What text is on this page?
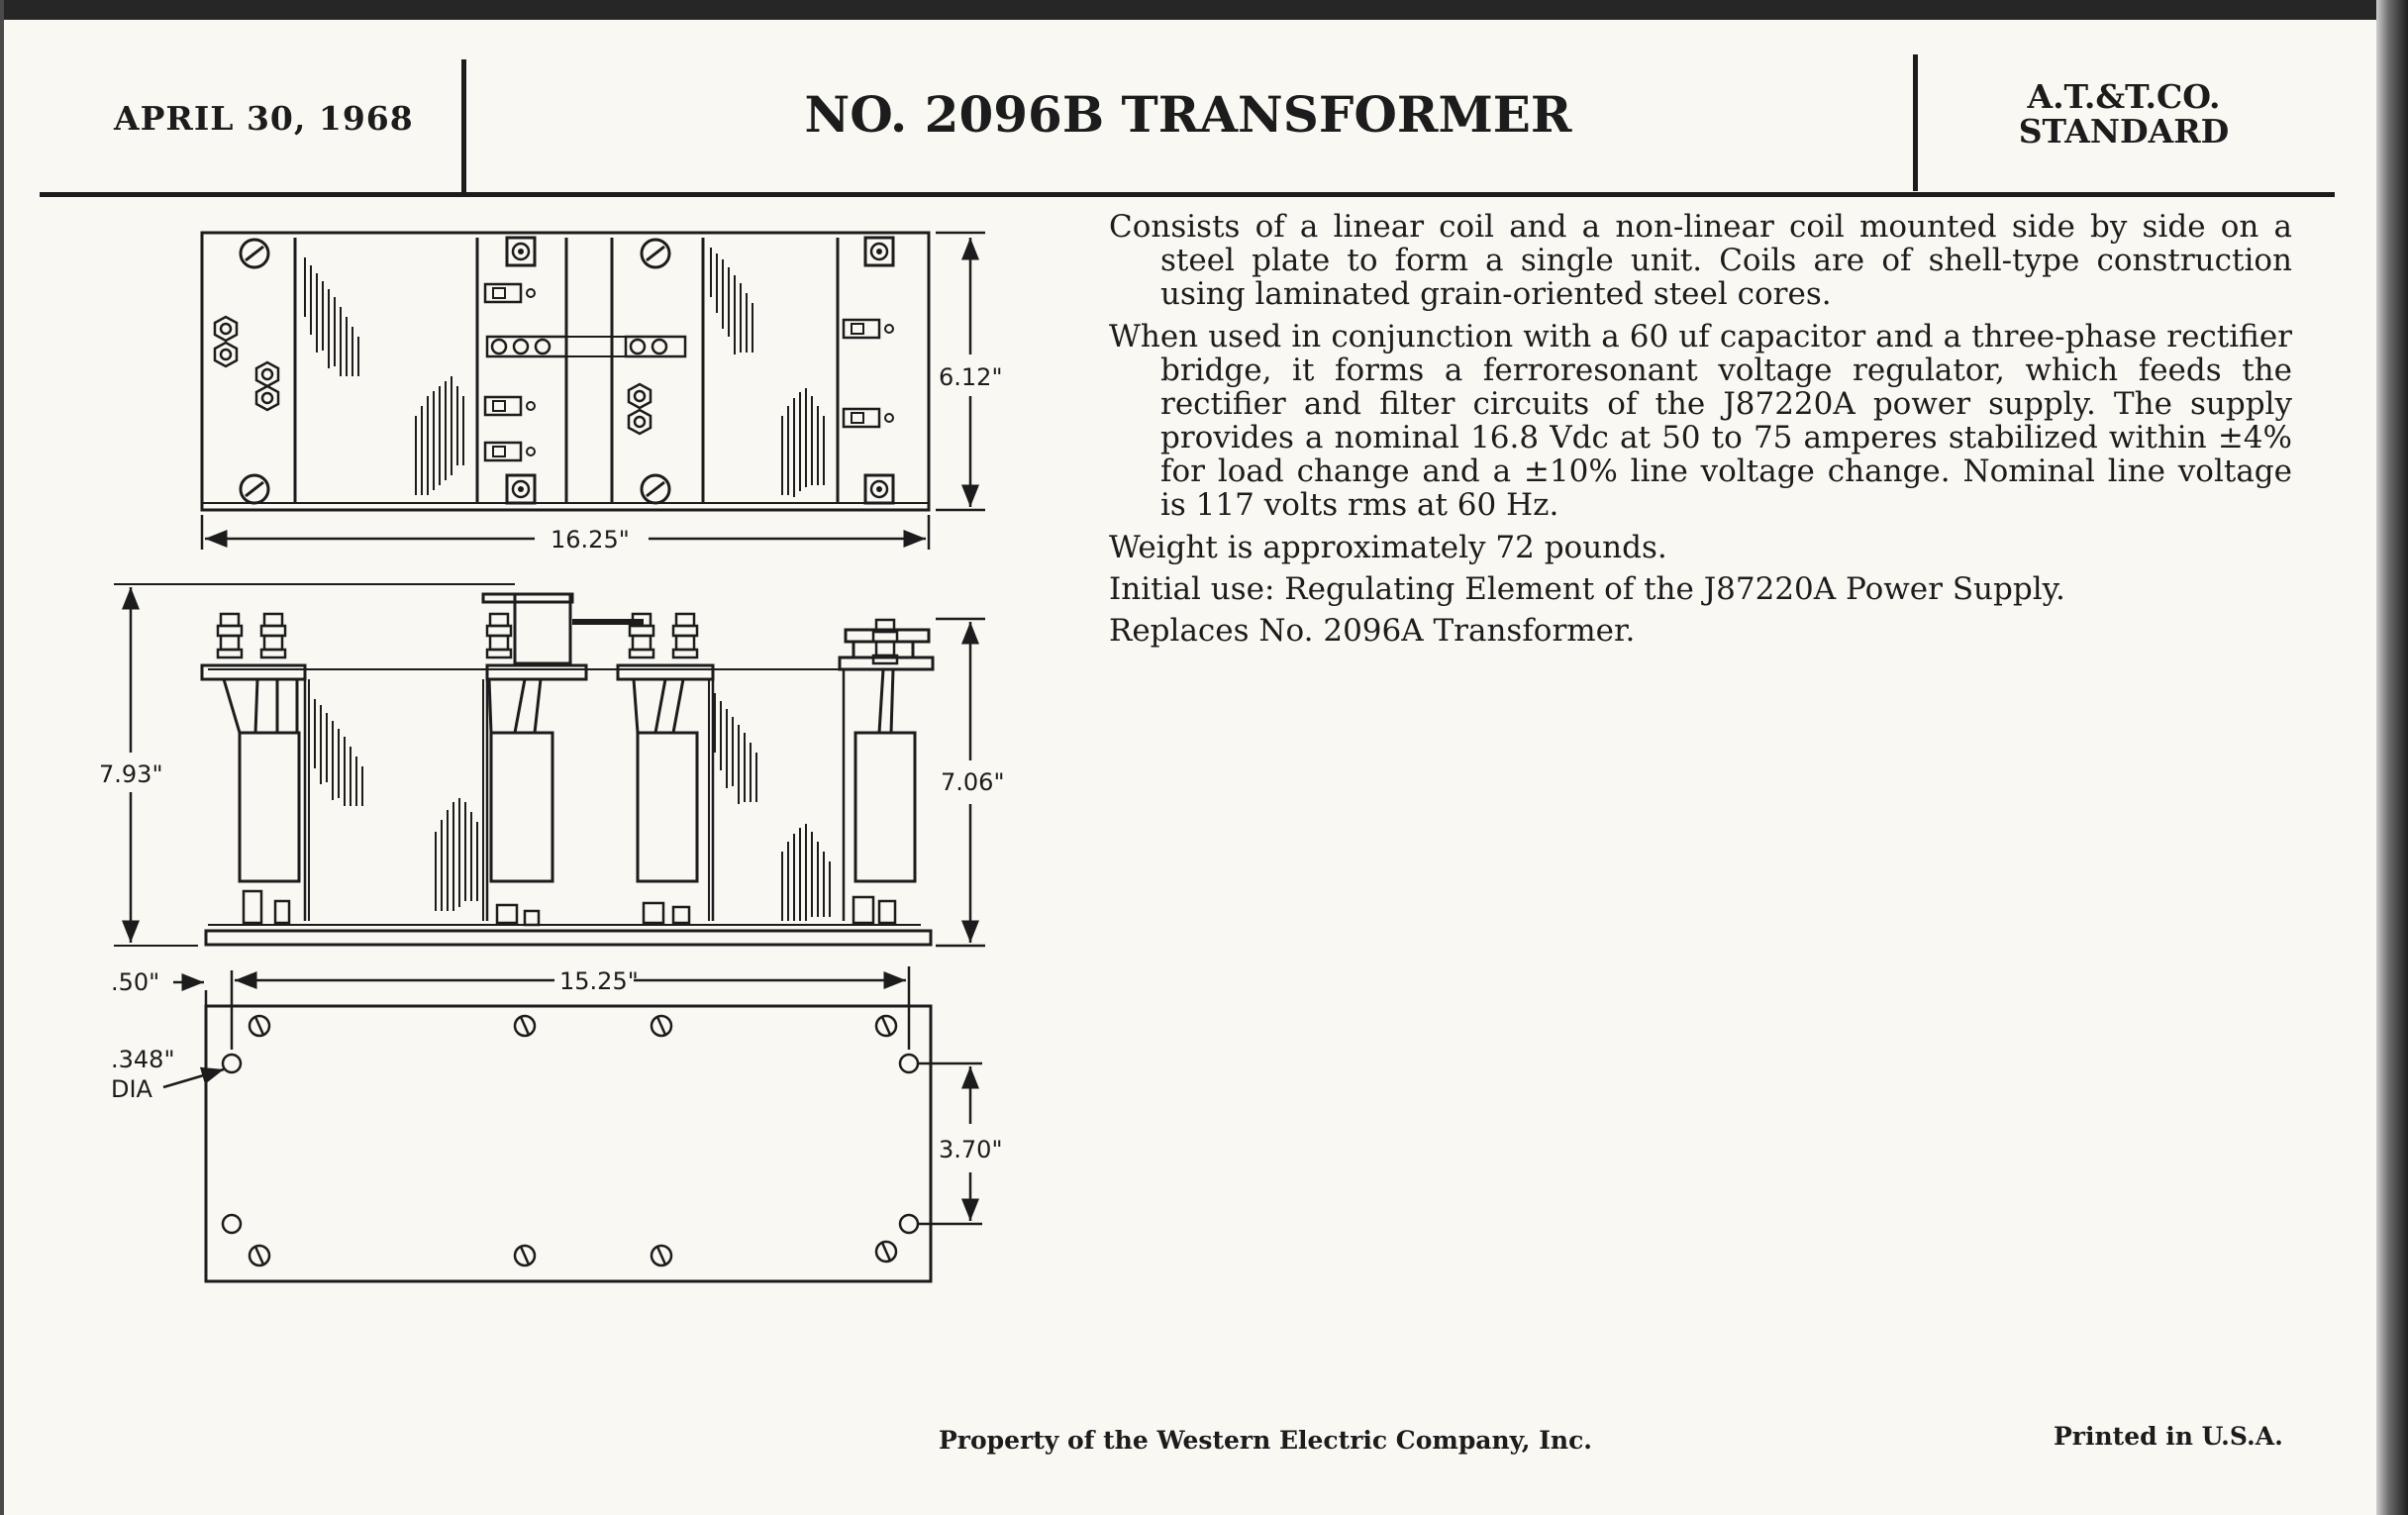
APRIL 30, 1968	NO. 2096B TRANSFORMER	A.T.&T.CO.
STANDARD

Consists of a linear coil and a non-linear coil mounted side by side on a steel plate to form a single unit. Coils are of shell-type construction using laminated grain-oriented steel cores.

When used in conjunction with a 60 uf capacitor and a three-phase rectifier bridge, it forms a ferroresonant voltage regulator, which feeds the rectifier and filter circuits of the J87220A power supply. The supply provides a nominal 16.8 Vdc at 50 to 75 amperes stabilized within ±4% for load change and a ±10% line voltage change. Nominal line voltage is 117 volts rms at 60 Hz.

Weight is approximately 72 pounds.

Initial use: Regulating Element of the J87220A Power Supply.

Replaces No. 2096A Transformer.

6.12"
16.25"
7.93"	7.06"
15.25"
.50"
.348"
DIA
3.70"
Property of the Western Electric Company, Inc.	Printed in U.S.A.
